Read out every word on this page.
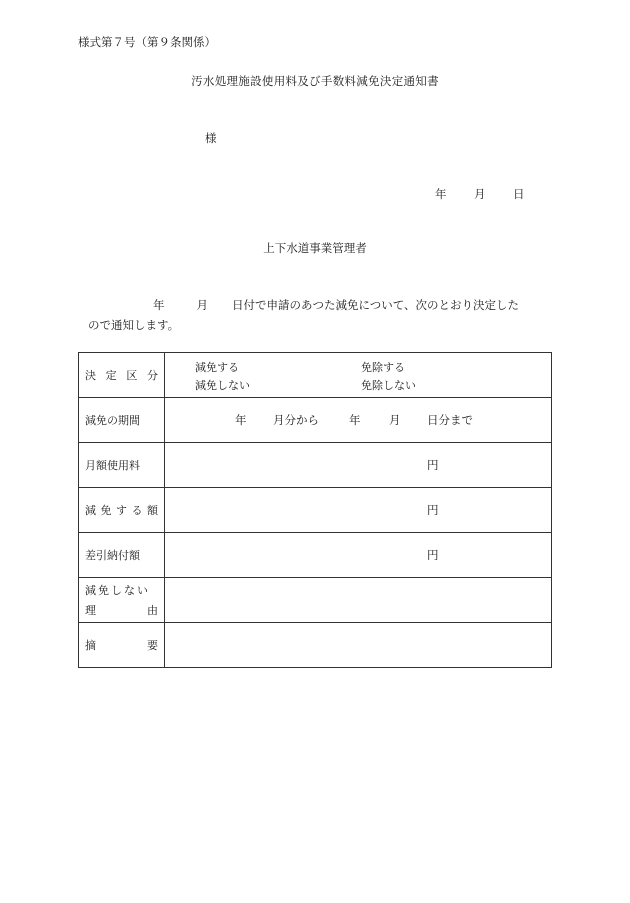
様式第７号（第９条関係）
汚水処理施設使用料及び手数料減免決定通知書
様
年 月 日
上下水道事業管理者
年	月 日付で申請のあつた減免について、次のとおり決定した
ので通知します。
決 定 区 分	減免する 免除する
減免しない 免除しない

減免の期間	年 月分から 年 月 日分まで

月額使用料	円

減 免 す る 額	円

差引納付額	円

減免しない
理 由	

摘 要	
